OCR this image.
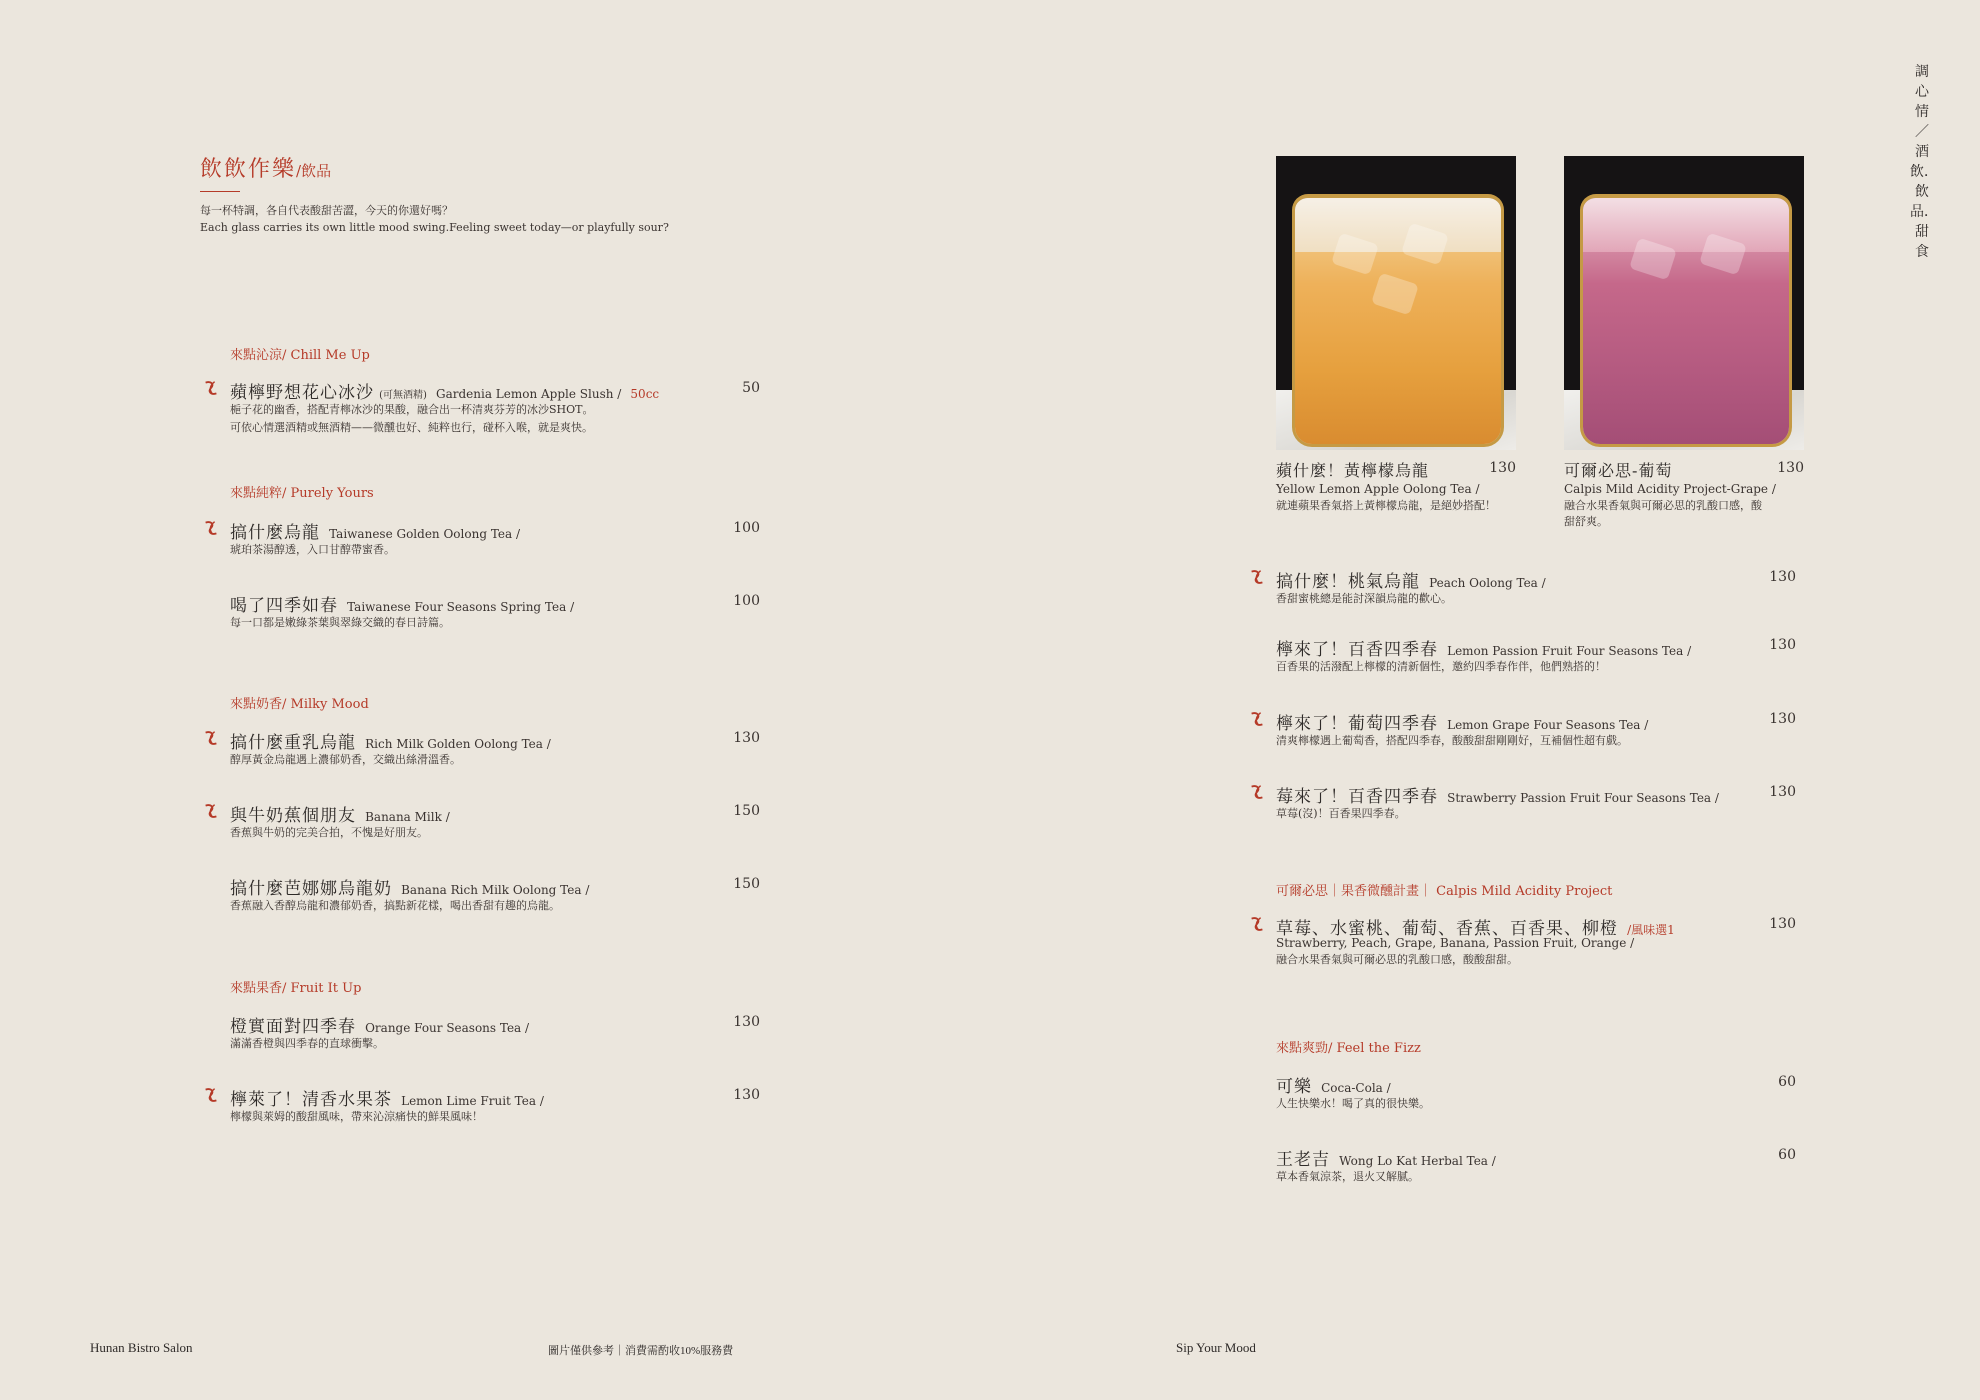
飲飲作樂/飲品
每一杯特調，各自代表酸甜苦澀，今天的你還好嗎？
Each glass carries its own little mood swing.Feeling sweet today—or playfully sour?
來點沁涼/ Chill Me Up
蘋檸野想花心冰沙 (可無酒精) Gardenia Lemon Apple Slush / 50cc	50
梔子花的幽香，搭配青檸冰沙的果酸，融合出一杯清爽芬芳的冰沙SHOT。
可依心情選酒精或無酒精——微醺也好、純粹也行，碰杯入喉，就是爽快。
來點純粹/ Purely Yours
搞什麼烏龍 Taiwanese Golden Oolong Tea /	100
琥珀茶湯醇透，入口甘醇帶蜜香。
喝了四季如春 Taiwanese Four Seasons Spring Tea /	100
每一口都是嫩綠茶葉與翠綠交織的春日詩篇。
來點奶香/ Milky Mood
搞什麼重乳烏龍 Rich Milk Golden Oolong Tea /	130
醇厚黃金烏龍遇上濃郁奶香，交織出絲滑溫香。
與牛奶蕉個朋友 Banana Milk /	150
香蕉與牛奶的完美合拍，不愧是好朋友。
搞什麼芭娜娜烏龍奶 Banana Rich Milk Oolong Tea /	150
香蕉融入香醇烏龍和濃郁奶香，搞點新花樣，喝出香甜有趣的烏龍。
來點果香/ Fruit It Up
橙實面對四季春 Orange Four Seasons Tea /	130
滿滿香橙與四季春的直球衝擊。
檸萊了！清香水果茶 Lemon Lime Fruit Tea /	130
檸檬與萊姆的酸甜風味，帶來沁涼痛快的鮮果風味！
Hunan Bistro Salon	圖片僅供參考｜消費需酌收10%服務費
調心情／酒飲．飲品．甜食
蘋什麼！黃檸檬烏龍	130
Yellow Lemon Apple Oolong Tea /
就連蘋果香氣搭上黃檸檬烏龍，是絕妙搭配！
可爾必思-葡萄	130
Calpis Mild Acidity Project-Grape /
融合水果香氣與可爾必思的乳酸口感，酸
甜舒爽。
搞什麼！桃氣烏龍 Peach Oolong Tea /	130
香甜蜜桃總是能討深韻烏龍的歡心。
檸來了！百香四季春 Lemon Passion Fruit Four Seasons Tea /	130
百香果的活潑配上檸檬的清新個性，邀約四季春作伴，他們熟搭的！
檸來了！葡萄四季春 Lemon Grape Four Seasons Tea /	130
清爽檸檬遇上葡萄香，搭配四季春，酸酸甜甜剛剛好，互補個性超有戲。
莓來了！百香四季春 Strawberry Passion Fruit Four Seasons Tea /	130
草莓(沒)！百香果四季春。
可爾必思｜果香微醺計畫｜ Calpis Mild Acidity Project
草莓、水蜜桃、葡萄、香蕉、百香果、柳橙 /風味選1	130
Strawberry, Peach, Grape, Banana, Passion Fruit, Orange /
融合水果香氣與可爾必思的乳酸口感，酸酸甜甜。
來點爽勁/ Feel the Fizz
可樂 Coca-Cola /	60
人生快樂水！喝了真的很快樂。
王老吉 Wong Lo Kat Herbal Tea /	60
草本香氣涼茶，退火又解膩。
Sip Your Mood
